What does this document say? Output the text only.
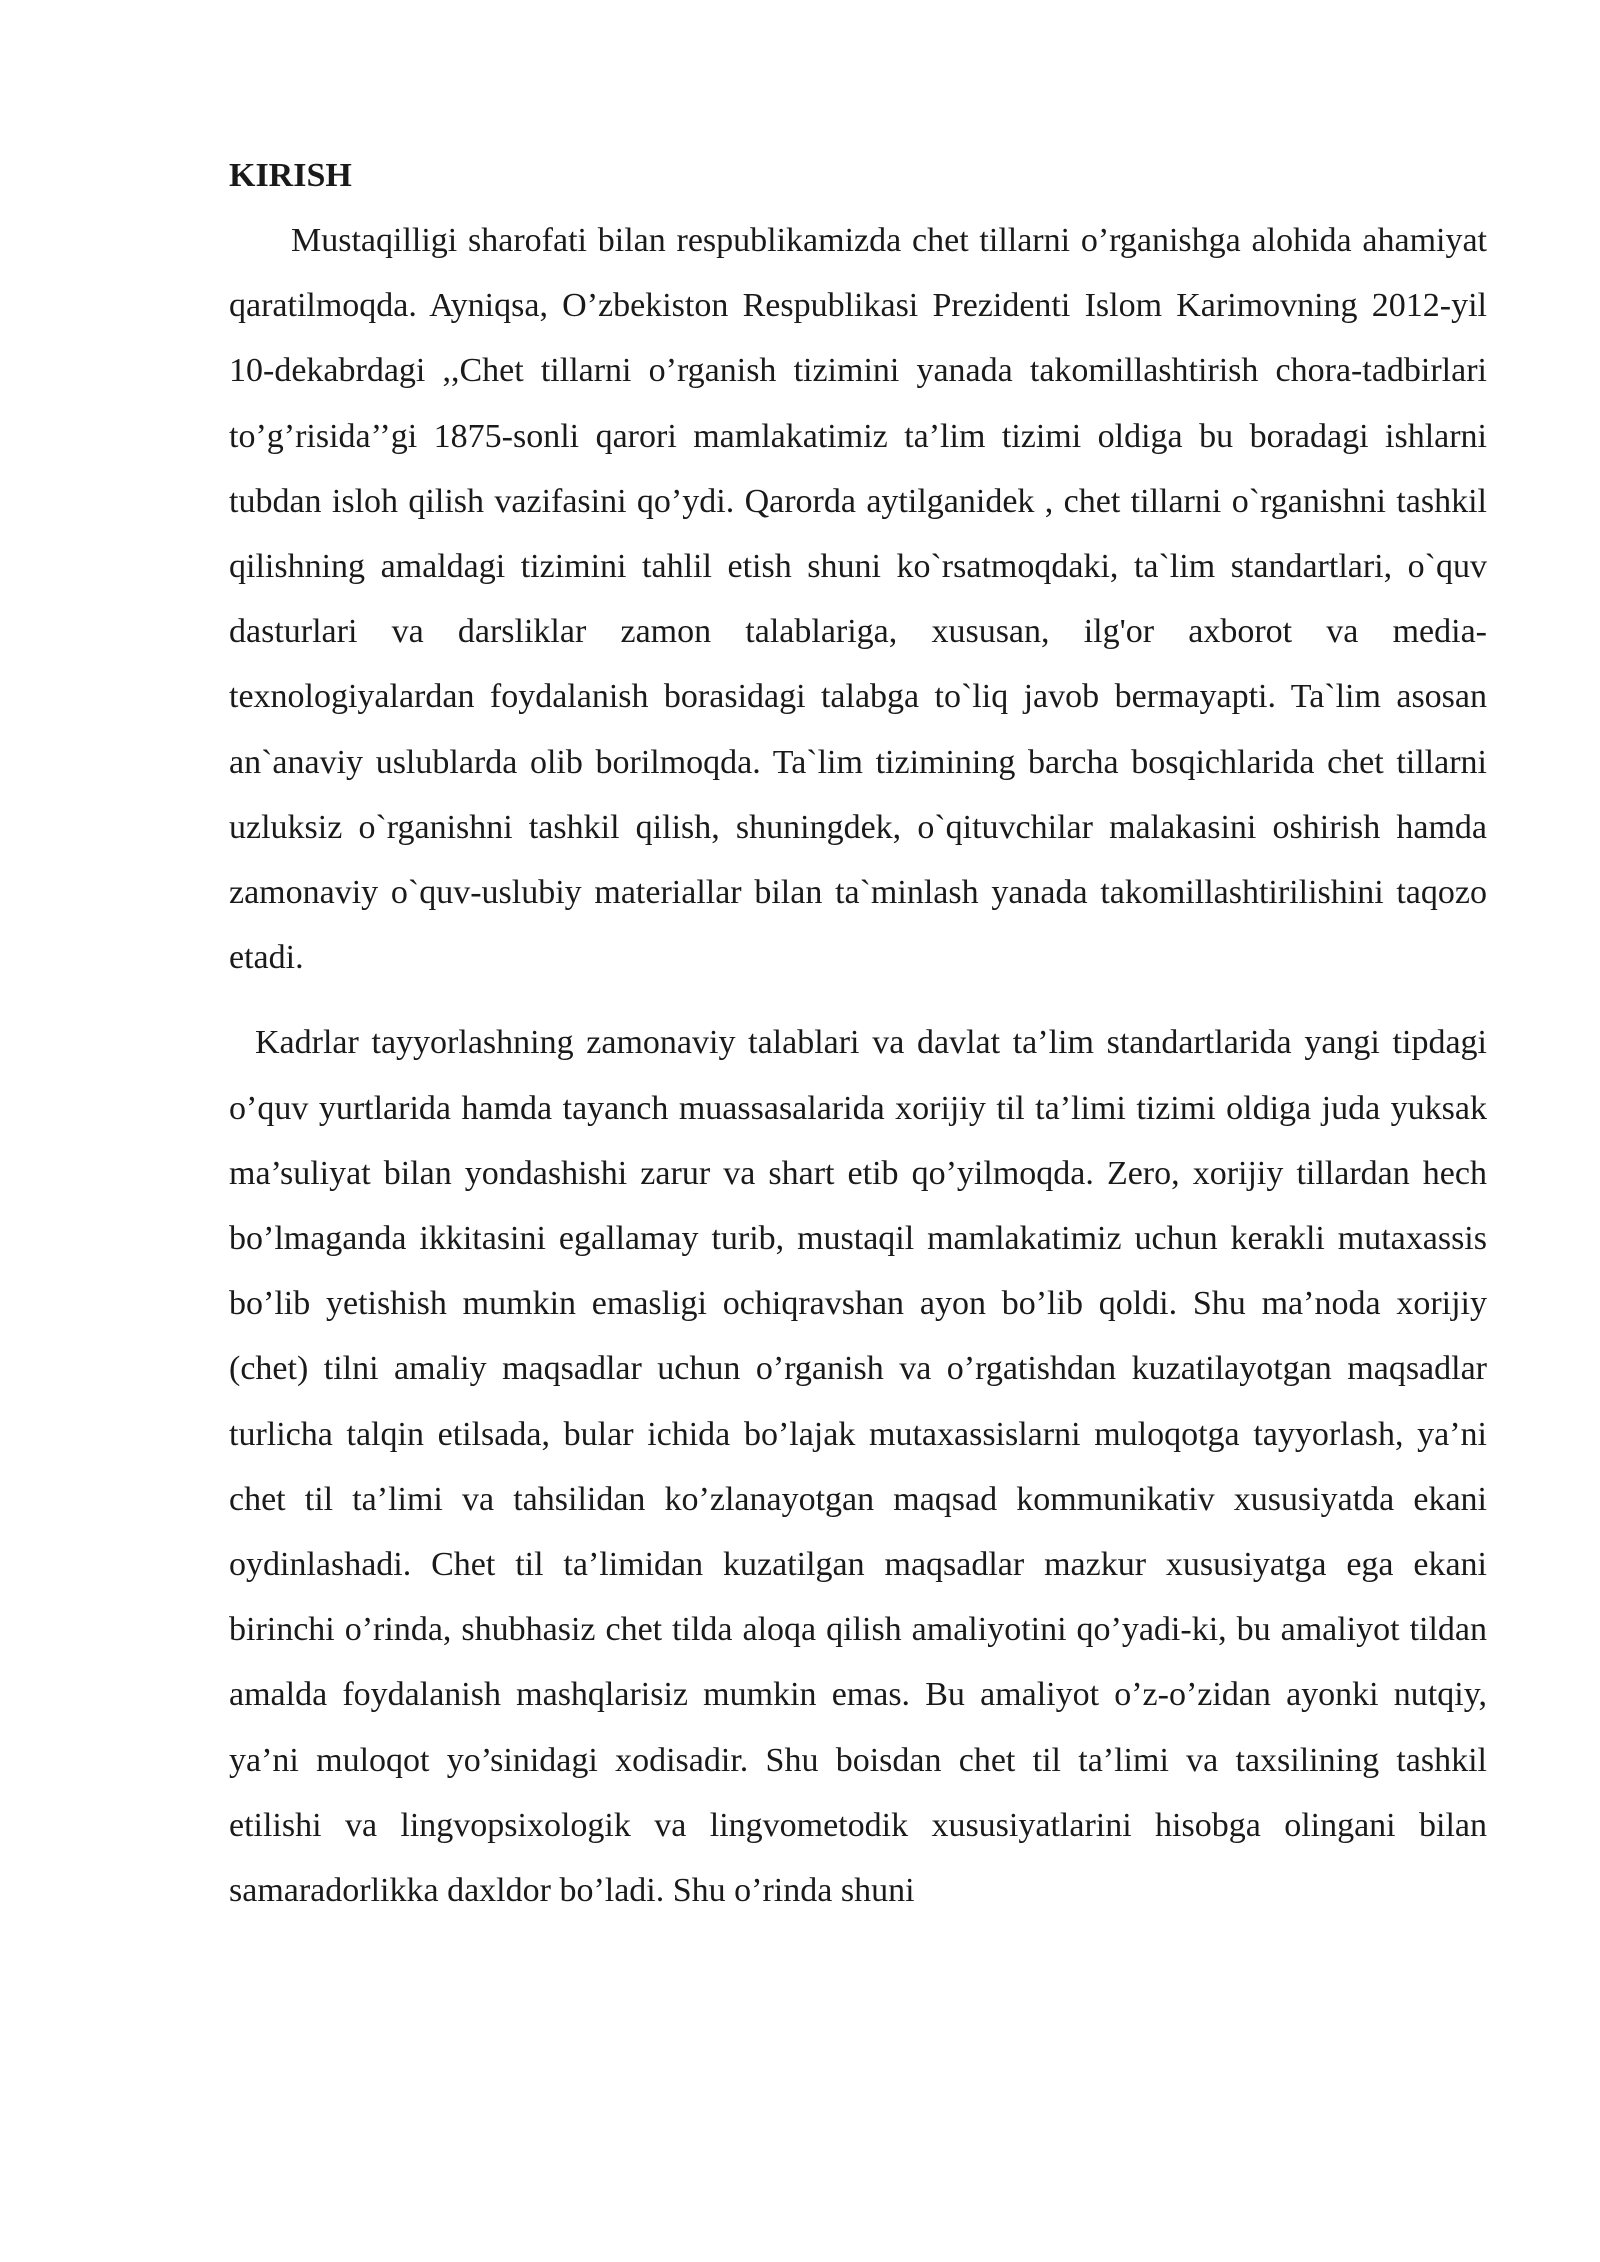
KIRISH

Mustaqilligi sharofati bilan respublikamizda chet tillarni o’rganishga alohida ahamiyat qaratilmoqda. Ayniqsa, O’zbekiston Respublikasi Prezidenti Islom Karimovning 2012-yil 10-dekabrdagi ,,Chet tillarni o’rganish tizimini yanada takomillashtirish chora-tadbirlari to’g’risida’’gi 1875-sonli qarori mamlakatimiz ta’lim tizimi oldiga bu boradagi ishlarni tubdan isloh qilish vazifasini qo’ydi. Qarorda aytilganidek , chet tillarni o`rganishni tashkil qilishning amaldagi tizimini tahlil etish shuni ko`rsatmoqdaki, ta`lim standartlari, o`quv dasturlari va darsliklar zamon talablariga, xususan, ilg'or axborot va media-texnologiyalardan foydalanish borasidagi talabga to`liq javob bermayapti. Ta`lim asosan an`anaviy uslublarda olib borilmoqda. Ta`lim tizimining barcha bosqichlarida chet tillarni uzluksiz o`rganishni tashkil qilish, shuningdek, o`qituvchilar malakasini oshirish hamda zamonaviy o`quv-uslubiy materiallar bilan ta`minlash yanada takomillashtirilishini taqozo etadi.

Kadrlar tayyorlashning zamonaviy talablari va davlat ta’lim standartlarida yangi tipdagi o’quv yurtlarida hamda tayanch muassasalarida xorijiy til ta’limi tizimi oldiga juda yuksak ma’suliyat bilan yondashishi zarur va shart etib qo’yilmoqda. Zero, xorijiy tillardan hech bo’lmaganda ikkitasini egallamay turib, mustaqil mamlakatimiz uchun kerakli mutaxassis bo’lib yetishish mumkin emasligi ochiqravshan ayon bo’lib qoldi. Shu ma’noda xorijiy (chet) tilni amaliy maqsadlar uchun o’rganish va o’rgatishdan kuzatilayotgan maqsadlar turlicha talqin etilsada, bular ichida bo’lajak mutaxassislarni muloqotga tayyorlash, ya’ni chet til ta’limi va tahsilidan ko’zlanayotgan maqsad kommunikativ xususiyatda ekani oydinlashadi. Chet til ta’limidan kuzatilgan maqsadlar mazkur xususiyatga ega ekani birinchi o’rinda, shubhasiz chet tilda aloqa qilish amaliyotini qo’yadi-ki, bu amaliyot tildan amalda foydalanish mashqlarisiz mumkin emas. Bu amaliyot o’z-o’zidan ayonki nutqiy, ya’ni muloqot yo’sinidagi xodisadir. Shu boisdan chet til ta’limi va taxsilining tashkil etilishi va lingvopsixologik va lingvometodik xususiyatlarini hisobga olingani bilan samaradorlikka daxldor bo’ladi. Shu o’rinda shuni
